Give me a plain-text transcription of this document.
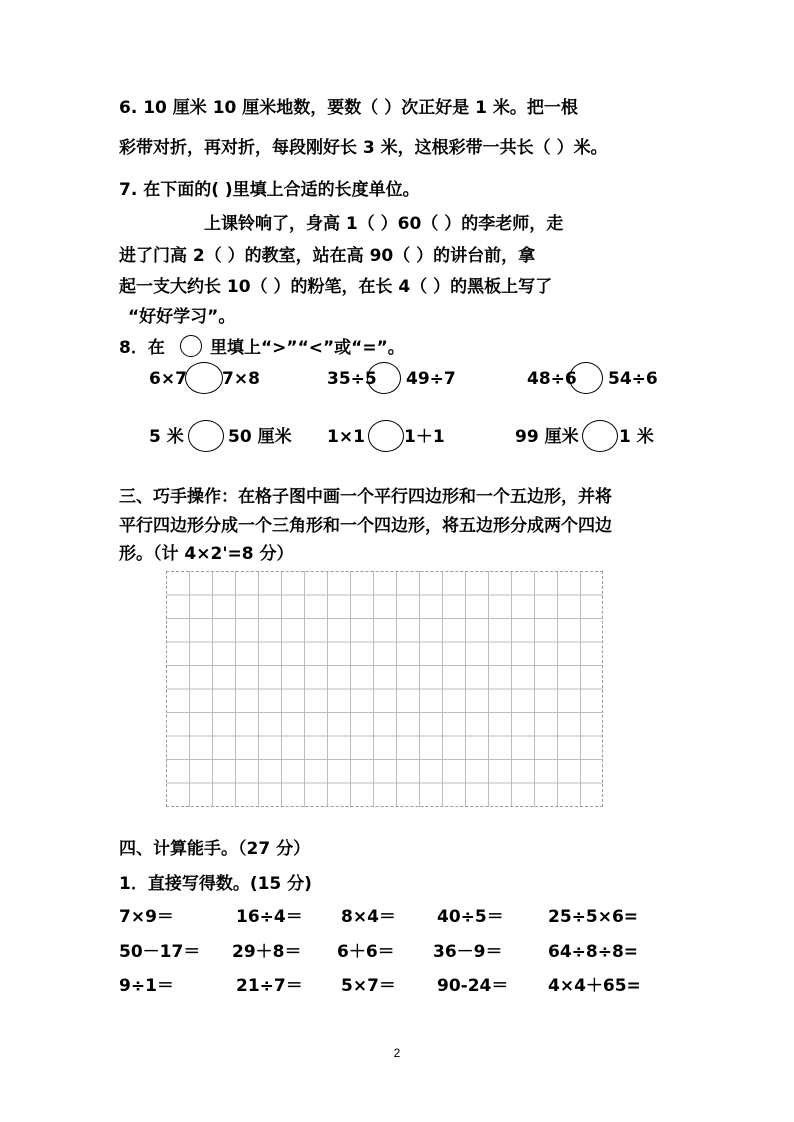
6. 10 厘米 10 厘米地数，要数（ ）次正好是 1 米。把一根
彩带对折，再对折，每段刚好长 3 米，这根彩带一共长（ ）米。
7. 在下面的( )里填上合适的长度单位。
上课铃响了，身高 1（ ）60（ ）的李老师，走
进了门高 2（ ）的教室，站在高 90（ ）的讲台前，拿
起一支大约长 10（ ）的粉笔，在长 4（ ）的黑板上写了
“好好学习”。
8．在	里填上“>”“<”或“=”。
6×7 7×8	35÷5 49÷7	48÷6 54÷6
5 米	50 厘米 1×1 1＋1	99 厘米 1 米
三、巧手操作：在格子图中画一个平行四边形和一个五边形，并将
平行四边形分成一个三角形和一个四边形，将五边形分成两个四边
形。（计 4×2'=8 分）
四、计算能手。（27 分）
1．直接写得数。(15 分)
7×9＝	16÷4＝ 8×4＝ 40÷5＝	25÷5×6=
50－17＝ 29＋8＝ 6＋6＝ 36－9＝	64÷8÷8=
9÷1＝	21÷7＝ 5×7＝ 90-24＝ 4×4＋65=
2
